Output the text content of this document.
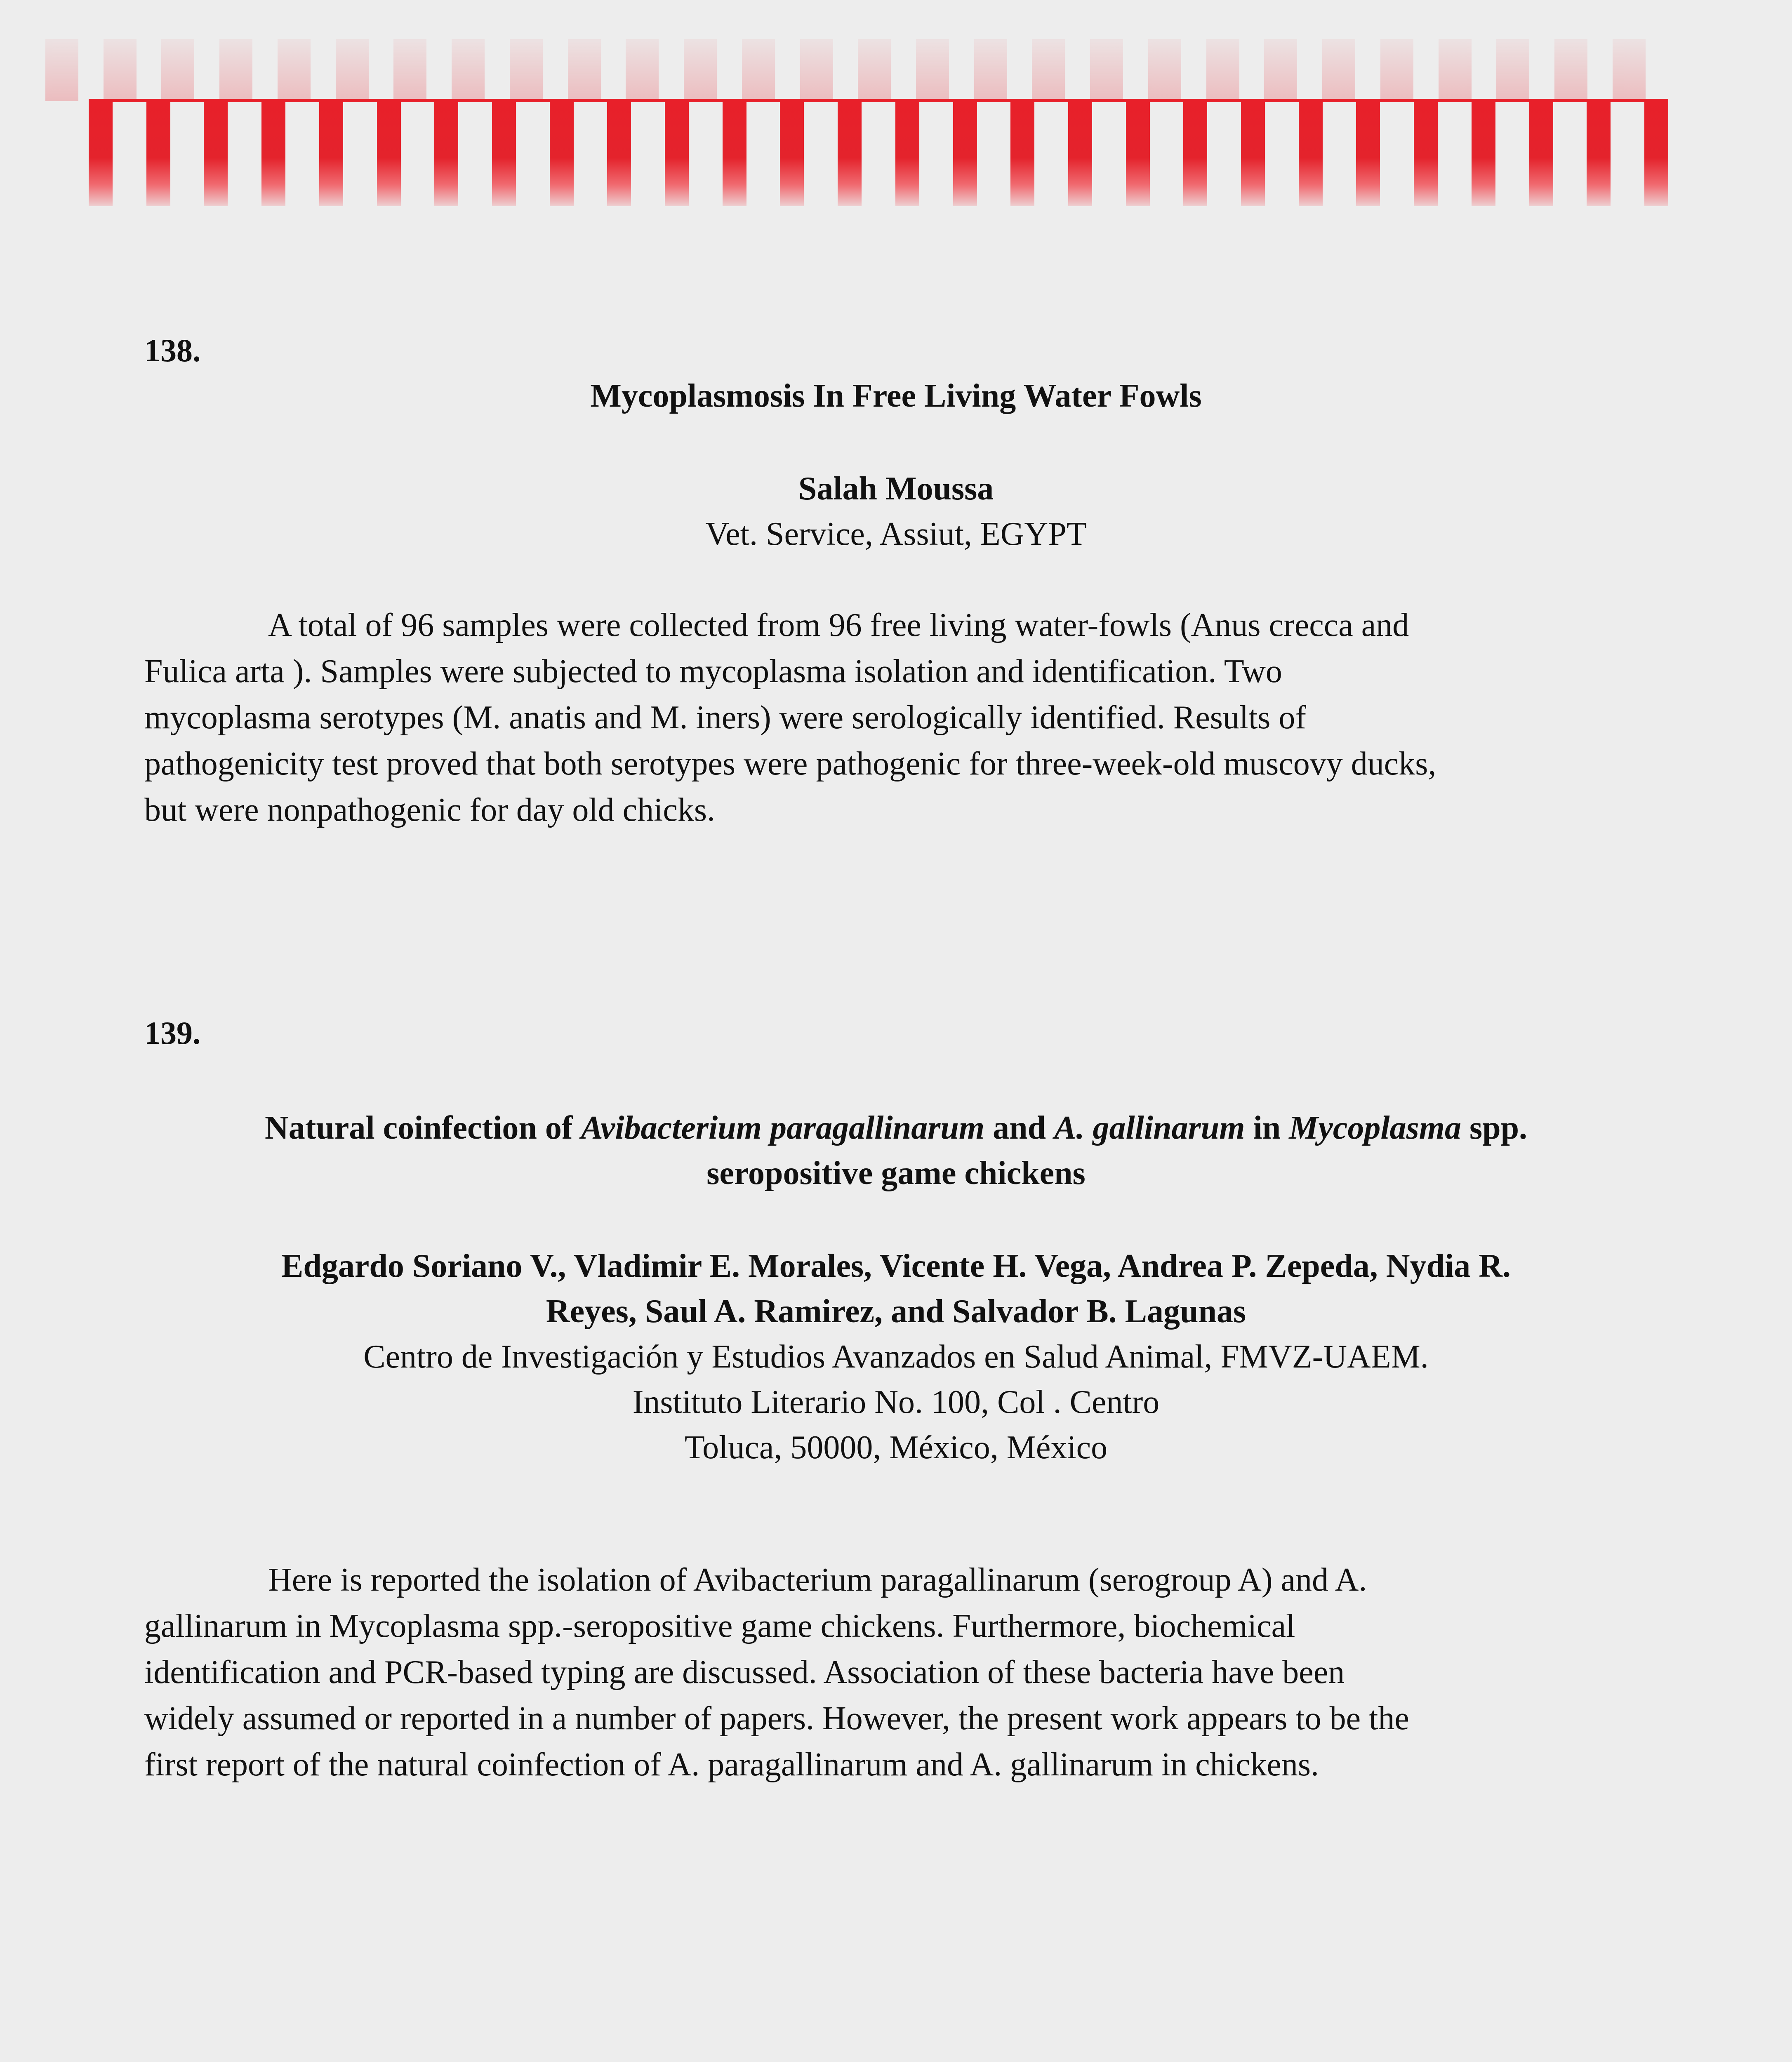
138.
Mycoplasmosis In Free Living Water Fowls
Salah Moussa
Vet. Service, Assiut, EGYPT

A total of 96 samples were collected from 96 free living water-fowls (Anus crecca and

Fulica arta ). Samples were subjected to mycoplasma isolation and identification. Two

mycoplasma serotypes (M. anatis and M. iners) were serologically identified. Results of

pathogenicity test proved that both serotypes were pathogenic for three-week-old muscovy ducks,

but were nonpathogenic for day old chicks.

139.
Natural coinfection of Avibacterium paragallinarum and A. gallinarum in Mycoplasma spp.
seropositive game chickens
Edgardo Soriano V., Vladimir E. Morales, Vicente H. Vega, Andrea P. Zepeda, Nydia R.
Reyes, Saul A. Ramirez, and Salvador B. Lagunas
Centro de Investigación y Estudios Avanzados en Salud Animal, FMVZ-UAEM.
Instituto Literario No. 100, Col . Centro
Toluca, 50000, México, México

Here is reported the isolation of Avibacterium paragallinarum (serogroup A) and A.

gallinarum in Mycoplasma spp.-seropositive game chickens. Furthermore, biochemical

identification and PCR-based typing are discussed. Association of these bacteria have been

widely assumed or reported in a number of papers. However, the present work appears to be the

first report of the natural coinfection of A. paragallinarum and A. gallinarum in chickens.
